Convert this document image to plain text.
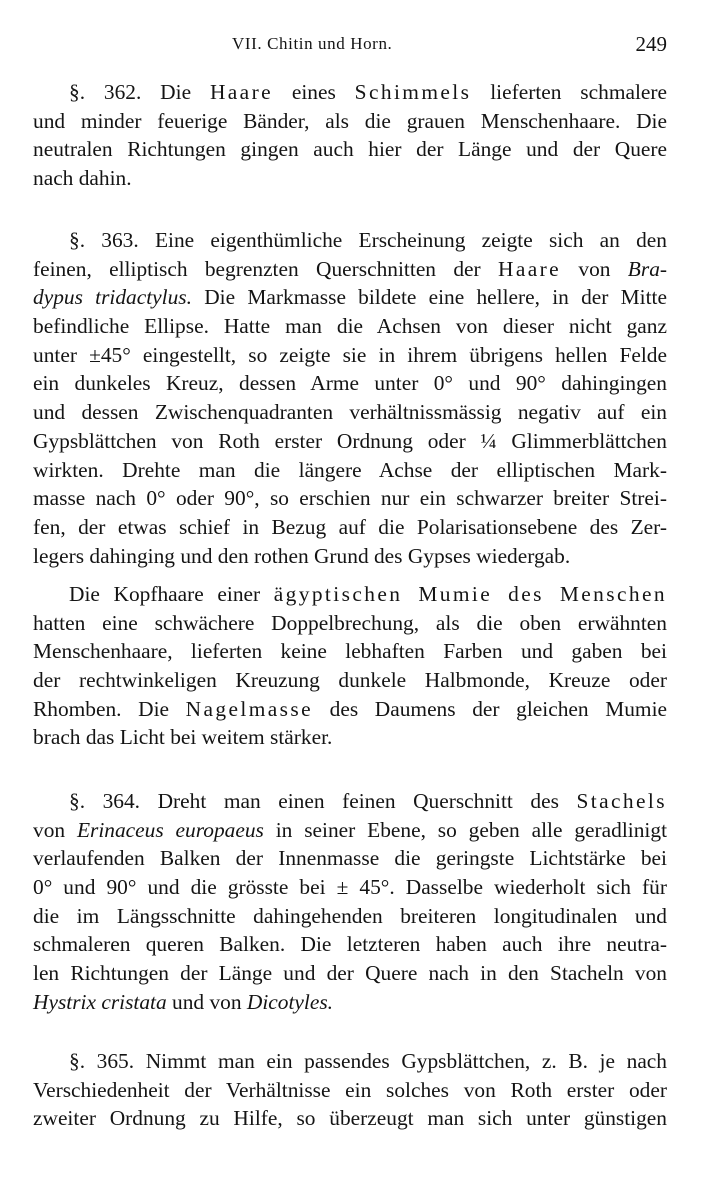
VII. Chitin und Horn.	249
§. 362. Die Haare eines Schimmels lieferten schmalere
und minder feuerige Bänder, als die grauen Menschenhaare. Die
neutralen Richtungen gingen auch hier der Länge und der Quere
nach dahin.
§. 363. Eine eigenthümliche Erscheinung zeigte sich an den
feinen, elliptisch begrenzten Querschnitten der Haare von Bra-
dypus tridactylus. Die Markmasse bildete eine hellere, in der Mitte
befindliche Ellipse. Hatte man die Achsen von dieser nicht ganz
unter ±45° eingestellt, so zeigte sie in ihrem übrigens hellen Felde
ein dunkeles Kreuz, dessen Arme unter 0° und 90° dahingingen
und dessen Zwischenquadranten verhältnissmässig negativ auf ein
Gypsblättchen von Roth erster Ordnung oder ¼ Glimmerblättchen
wirkten. Drehte man die längere Achse der elliptischen Mark-
masse nach 0° oder 90°, so erschien nur ein schwarzer breiter Strei-
fen, der etwas schief in Bezug auf die Polarisationsebene des Zer-
legers dahinging und den rothen Grund des Gypses wiedergab.
Die Kopfhaare einer ägyptischen Mumie des Menschen
hatten eine schwächere Doppelbrechung, als die oben erwähnten
Menschenhaare, lieferten keine lebhaften Farben und gaben bei
der rechtwinkeligen Kreuzung dunkele Halbmonde, Kreuze oder
Rhomben. Die Nagelmasse des Daumens der gleichen Mumie
brach das Licht bei weitem stärker.
§. 364. Dreht man einen feinen Querschnitt des Stachels
von Erinaceus europaeus in seiner Ebene, so geben alle geradlinigt
verlaufenden Balken der Innenmasse die geringste Lichtstärke bei
0° und 90° und die grösste bei ± 45°. Dasselbe wiederholt sich für
die im Längsschnitte dahingehenden breiteren longitudinalen und
schmaleren queren Balken. Die letzteren haben auch ihre neutra-
len Richtungen der Länge und der Quere nach in den Stacheln von
Hystrix cristata und von Dicotyles.
§. 365. Nimmt man ein passendes Gypsblättchen, z. B. je nach
Verschiedenheit der Verhältnisse ein solches von Roth erster oder
zweiter Ordnung zu Hilfe, so überzeugt man sich unter günstigen
